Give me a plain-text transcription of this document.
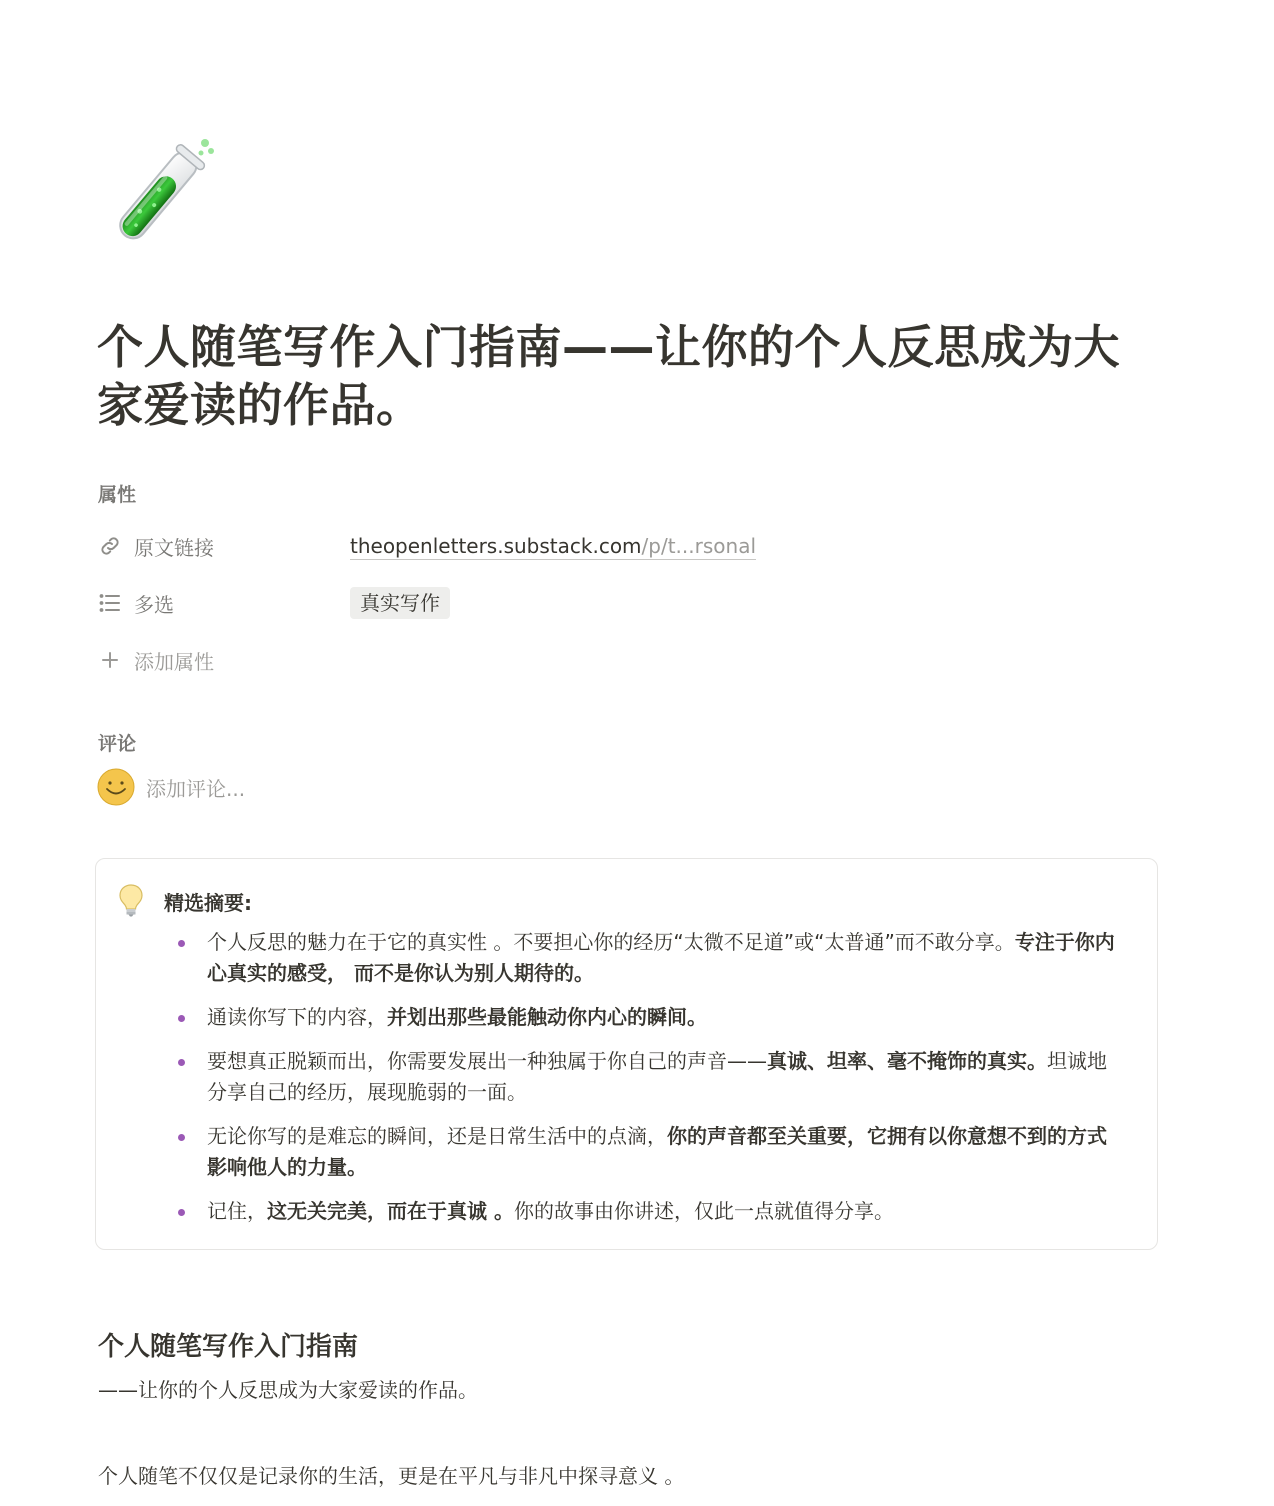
个人随笔写作入门指南——让你的个人反思成为大家爱读的作品。
属性
原文链接	theopenletters.substack.com/p/t...rsonal
多选	真实写作
添加属性
评论
添加评论...
精选摘要:
个人反思的魅力在于它的真实性 。不要担心你的经历“太微不足道”或“太普通”而不敢分享。专注于你内心真实的感受， 而不是你认为别人期待的。
通读你写下的内容，并划出那些最能触动你内心的瞬间。
要想真正脱颖而出，你需要发展出一种独属于你自己的声音——真诚、坦率、毫不掩饰的真实。坦诚地分享自己的经历，展现脆弱的一面。
无论你写的是难忘的瞬间，还是日常生活中的点滴，你的声音都至关重要，它拥有以你意想不到的方式影响他人的力量。
记住，这无关完美，而在于真诚 。你的故事由你讲述，仅此一点就值得分享。
个人随笔写作入门指南
——让你的个人反思成为大家爱读的作品。
个人随笔不仅仅是记录你的生活，更是在平凡与非凡中探寻意义 。
